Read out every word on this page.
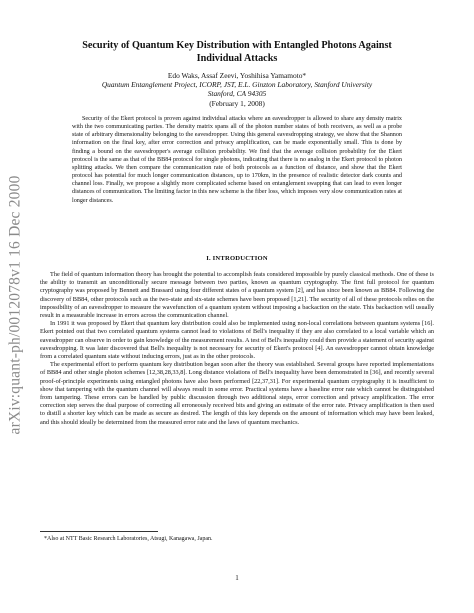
arXiv:quant-ph/0012078v1 16 Dec 2000
Security of Quantum Key Distribution with Entangled Photons Against Individual Attacks
Edo Waks, Assaf Zeevi, Yoshihisa Yamamoto*

Quantum Entanglement Project, ICORP, JST, E.L. Ginzton Laboratory, Stanford University
Stanford, CA 94305
(February 1, 2008)

Security of the Ekert protocol is proven against individual attacks where an eavesdropper is allowed to share any density matrix with the two communicating parties. The density matrix spans all of the photon number states of both receivers, as well as a probe state of arbitrary dimensionality belonging to the eavesdropper. Using this general eavesdropping strategy, we show that the Shannon information on the final key, after error correction and privacy amplification, can be made exponentially small. This is done by finding a bound on the eavesdropper's average collision probability. We find that the average collision probability for the Ekert protocol is the same as that of the BB84 protocol for single photons, indicating that there is no analog in the Ekert protocol to photon splitting attacks. We then compare the communication rate of both protocols as a function of distance, and show that the Ekert protocol has potential for much longer communication distances, up to 170km, in the presence of realistic detector dark counts and channel loss. Finally, we propose a slightly more complicated scheme based on entanglement swapping that can lead to even longer distances of communication. The limiting factor in this new scheme is the fiber loss, which imposes very slow communication rates at longer distances.

I. INTRODUCTION

The field of quantum information theory has brought the potential to accomplish feats considered impossible by purely classical methods. One of these is the ability to transmit an unconditionally secure message between two parties, known as quantum cryptography. The first full protocol for quantum cryptography was proposed by Bennett and Brassard using four different states of a quantum system [2], and has since been known as BB84. Following the discovery of BB84, other protocols such as the two-state and six-state schemes have been proposed [1,21]. The security of all of these protocols relies on the impossibility of an eavesdropper to measure the wavefunction of a quantum system without imposing a backaction on the state. This backaction will usually result in a measurable increase in errors across the communication channel.

In 1991 it was proposed by Ekert that quantum key distribution could also be implemented using non-local correlations between quantum systems [16]. Ekert pointed out that two correlated quantum systems cannot lead to violations of Bell's inequality if they are also correlated to a local variable which an eavesdropper can observe in order to gain knowledge of the measurement results. A test of Bell's inequality could then provide a statement of security against eavesdropping. It was later discovered that Bell's inequality is not necessary for security of Ekert's protocol [4]. An eavesdropper cannot obtain knowledge from a correlated quantum state without inducing errors, just as in the other protocols.

The experimental effort to perform quantum key distribution began soon after the theory was established. Several groups have reported implementations of BB84 and other single photon schemes [12,38,28,33,8]. Long distance violations of Bell's inequality have been demonstrated in [36], and recently several proof-of-principle experiments using entangled photons have also been performed [22,37,31]. For experimental quantum cryptography it is insufficient to show that tampering with the quantum channel will always result in some error. Practical systems have a baseline error rate which cannot be distinguished from tampering. These errors can be handled by public discussion through two additional steps, error correction and privacy amplification. The error correction step serves the dual purpose of correcting all erroneously received bits and giving an estimate of the error rate. Privacy amplification is then used to distill a shorter key which can be made as secure as desired. The length of this key depends on the amount of information which may have been leaked, and this should ideally be determined from the measured error rate and the laws of quantum mechanics.

*Also at NTT Basic Research Laboratories, Atsugi, Kanagawa, Japan.
1
